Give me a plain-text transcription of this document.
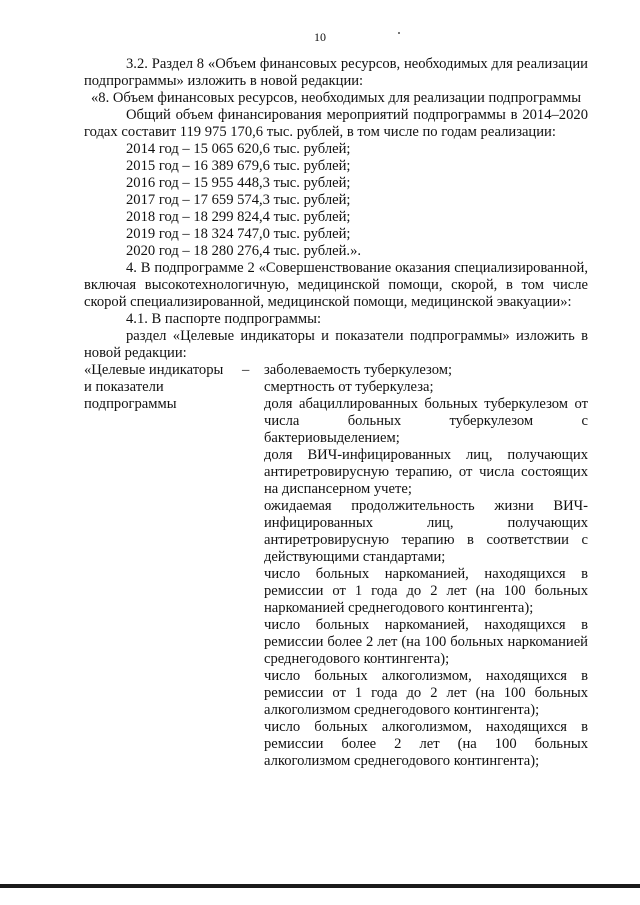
10

3.2. Раздел 8 «Объем финансовых ресурсов, необходимых для реализации подпрограммы» изложить в новой редакции:

«8. Объем финансовых ресурсов, необходимых для реализации подпрограммы

Общий объем финансирования мероприятий подпрограммы в 2014–2020 годах составит 119 975 170,6 тыс. рублей, в том числе по годам реализации:

2014 год – 15 065 620,6 тыс. рублей;
2015 год – 16 389 679,6 тыс. рублей;
2016 год – 15 955 448,3 тыс. рублей;
2017 год – 17 659 574,3 тыс. рублей;
2018 год – 18 299 824,4 тыс. рублей;
2019 год – 18 324 747,0 тыс. рублей;
2020 год – 18 280 276,4 тыс. рублей.».

4. В подпрограмме 2 «Совершенствование оказания специализированной, включая высокотехнологичную, медицинской помощи, скорой, в том числе скорой специализированной, медицинской помощи, медицинской эвакуации»:

4.1. В паспорте подпрограммы:

раздел «Целевые индикаторы и показатели подпрограммы» изложить в новой редакции:

«Целевые индикаторы
и показатели
подпрограммы
–	заболеваемость туберкулезом;
смертность от туберкулеза;
доля абациллированных больных туберкулезом от числа больных туберкулезом с бактериовыделением;
доля ВИЧ-инфицированных лиц, получающих антиретровирусную терапию, от числа состоящих на диспансерном учете;
ожидаемая продолжительность жизни ВИЧ-инфицированных лиц, получающих антиретровирусную терапию в соответствии с действующими стандартами;
число больных наркоманией, находящихся в ремиссии от 1 года до 2 лет (на 100 больных наркоманией среднегодового контингента);
число больных наркоманией, находящихся в ремиссии более 2 лет (на 100 больных наркоманией среднегодового контингента);
число больных алкоголизмом, находящихся в ремиссии от 1 года до 2 лет (на 100 больных алкоголизмом среднегодового контингента);
число больных алкоголизмом, находящихся в ремиссии более 2 лет (на 100 больных алкоголизмом среднегодового контингента);
